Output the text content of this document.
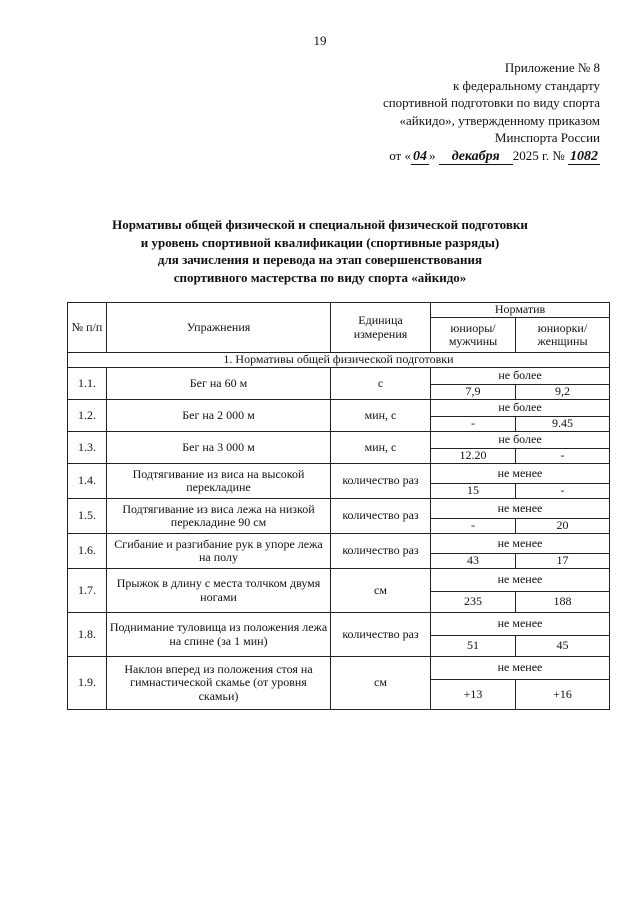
19
Приложение № 8
к федеральному стандарту
спортивной подготовки по виду спорта
«айкидо», утвержденному приказом
Минспорта России
от « 04 » декабря 2025 г. № 1082
Нормативы общей физической и специальной физической подготовки
и уровень спортивной квалификации (спортивные разряды)
для зачисления и перевода на этап совершенствования
спортивного мастерства по виду спорта «айкидо»
№ п/п	Упражнения	Единица измерения	Норматив	
			юниоры/ мужчины	юниорки/ женщины
1. Нормативы общей физической подготовки				
1.1.	Бег на 60 м	с	не более	
			7,9	9,2
1.2.	Бег на 2 000 м	мин, с	не более	
			-	9.45
1.3.	Бег на 3 000 м	мин, с	не более	
			12.20	-
1.4.	Подтягивание из виса на высокой перекладине	количество раз	не менее	
			15	-
1.5.	Подтягивание из виса лежа на низкой перекладине 90 см	количество раз	не менее	
			-	20
1.6.	Сгибание и разгибание рук в упоре лежа на полу	количество раз	не менее	
			43	17
1.7.	Прыжок в длину с места толчком двумя ногами	см	не менее	
			235	188
1.8.	Поднимание туловища из положения лежа на спине (за 1 мин)	количество раз	не менее	
			51	45
1.9.	Наклон вперед из положения стоя на гимнастической скамье (от уровня скамьи)	см	не менее	
			+13	+16
